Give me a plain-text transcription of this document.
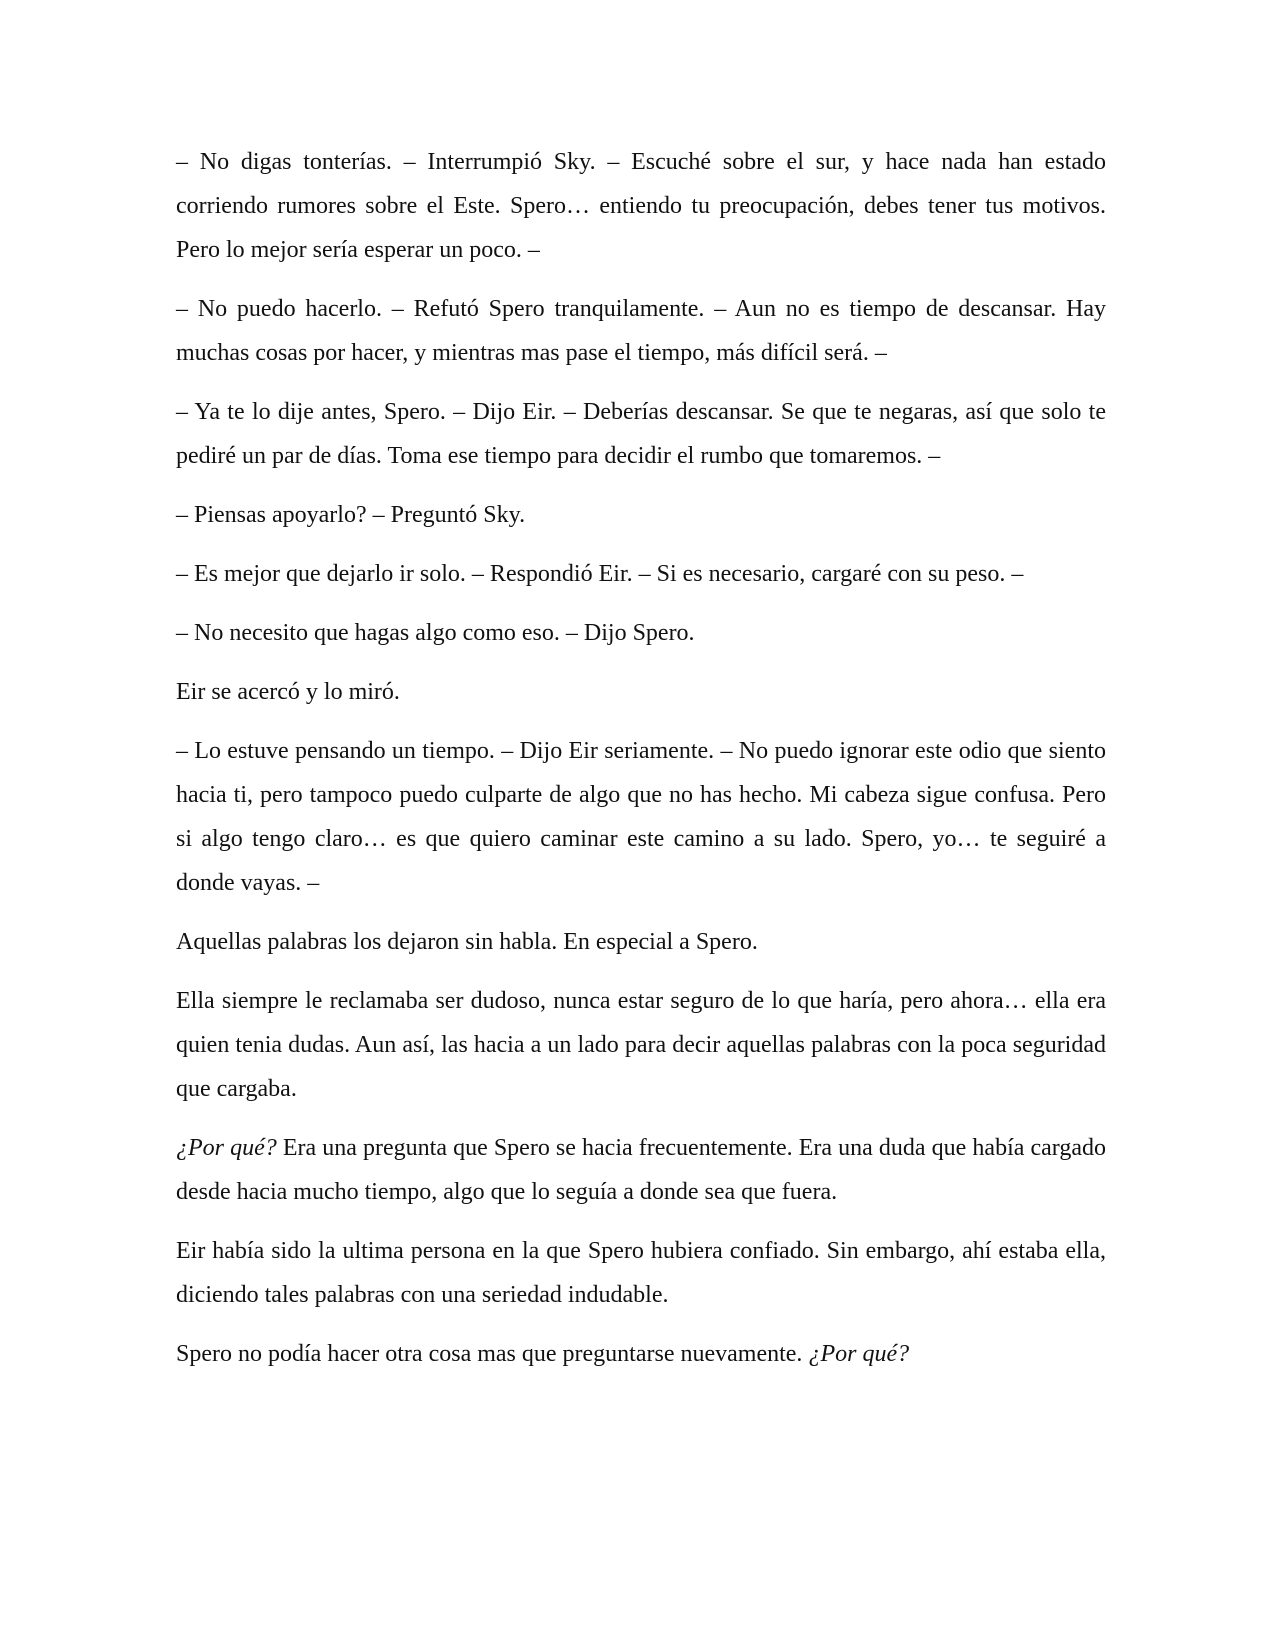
– No digas tonterías. – Interrumpió Sky. – Escuché sobre el sur, y hace nada han estado corriendo rumores sobre el Este. Spero… entiendo tu preocupación, debes tener tus motivos. Pero lo mejor sería esperar un poco. –

– No puedo hacerlo. – Refutó Spero tranquilamente. – Aun no es tiempo de descansar. Hay muchas cosas por hacer, y mientras mas pase el tiempo, más difícil será. –

– Ya te lo dije antes, Spero. – Dijo Eir. – Deberías descansar. Se que te negaras, así que solo te pediré un par de días. Toma ese tiempo para decidir el rumbo que tomaremos. –

– Piensas apoyarlo? – Preguntó Sky.

– Es mejor que dejarlo ir solo. – Respondió Eir. – Si es necesario, cargaré con su peso. –

– No necesito que hagas algo como eso. – Dijo Spero.

Eir se acercó y lo miró.

– Lo estuve pensando un tiempo. – Dijo Eir seriamente. – No puedo ignorar este odio que siento hacia ti, pero tampoco puedo culparte de algo que no has hecho. Mi cabeza sigue confusa. Pero si algo tengo claro… es que quiero caminar este camino a su lado. Spero, yo… te seguiré a donde vayas. –

Aquellas palabras los dejaron sin habla. En especial a Spero.

Ella siempre le reclamaba ser dudoso, nunca estar seguro de lo que haría, pero ahora… ella era quien tenia dudas. Aun así, las hacia a un lado para decir aquellas palabras con la poca seguridad que cargaba.

¿Por qué? Era una pregunta que Spero se hacia frecuentemente. Era una duda que había cargado desde hacia mucho tiempo, algo que lo seguía a donde sea que fuera.

Eir había sido la ultima persona en la que Spero hubiera confiado. Sin embargo, ahí estaba ella, diciendo tales palabras con una seriedad indudable.

Spero no podía hacer otra cosa mas que preguntarse nuevamente. ¿Por qué?
